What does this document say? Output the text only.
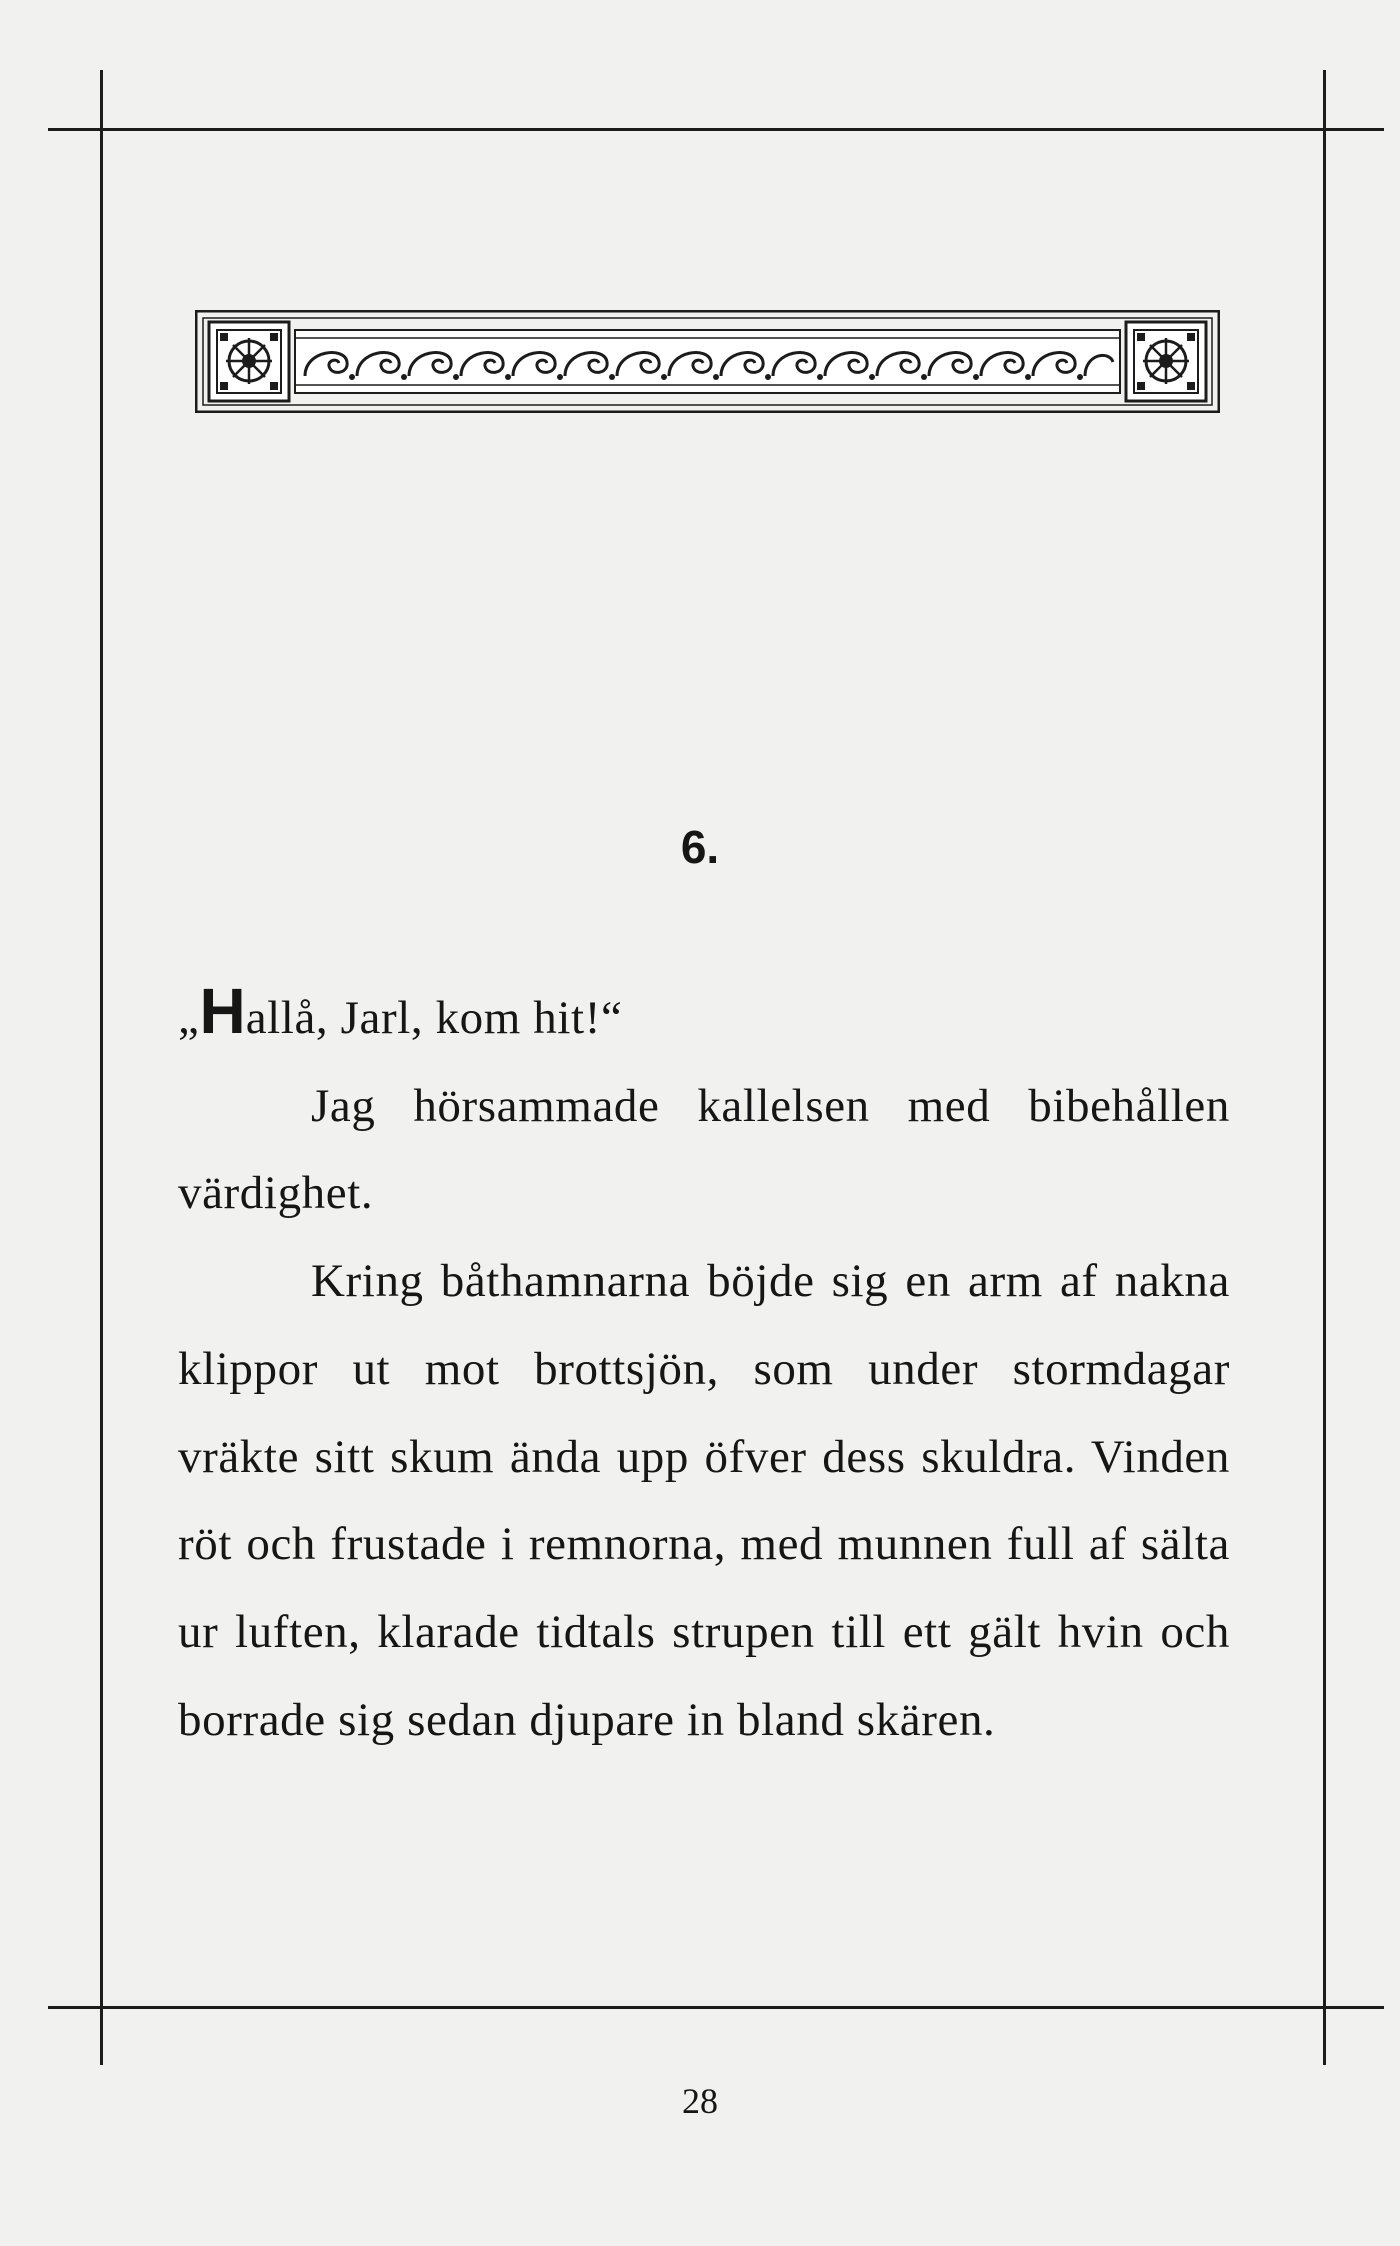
6.

„Hallå, Jarl, kom hit!“

Jag hörsammade kallelsen med bibehållen värdighet.

Kring båthamnarna böjde sig en arm af nakna klippor ut mot brottsjön, som under stormdagar vräkte sitt skum ända upp öfver dess skuldra. Vinden röt och frustade i remnorna, med munnen full af sälta ur luften, klarade tidtals strupen till ett gält hvin och borrade sig sedan djupare in bland skären.

28
